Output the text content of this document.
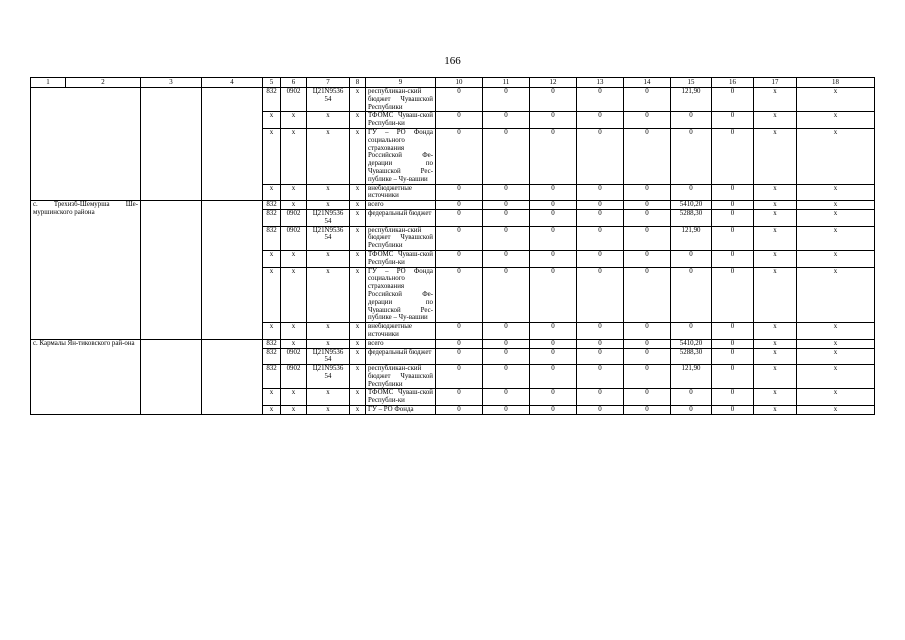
166
1	2	3	4	5	6	7	8	9	10	11	12	13	14	15	16	17	18
				832	0902	Ц21N9536 54	х	республикан-ский бюджет Чувашской Республики	0	0	0	0	0	121,90	0	х	х
				х	х	х	х	ТФОМС Чуваш-ской Республи-ки	0	0	0	0	0	0	0	х	х
				х	х	х	х	ГУ – РО Фонда социального страхования Российской Фе-дерации по Чувашской Рес-публике – Чу-вашии	0	0	0	0	0	0	0	х	х
				х	х	х	х	внебюджетные источники	0	0	0	0	0	0	0	х	х
с. Трехизб-Шемурша Ше-муршинского района				832	х	х	х	всего	0	0	0	0	0	5410,20	0	х	х
				832	0902	Ц21N9536 54	х	федеральный бюджет	0	0	0	0	0	5288,30	0	х	х
				832	0902	Ц21N9536 54	х	республикан-ский бюджет Чувашской Республики	0	0	0	0	0	121,90	0	х	х
				х	х	х	х	ТФОМС Чуваш-ской Республи-ки	0	0	0	0	0	0	0	х	х
				х	х	х	х	ГУ – РО Фонда социального страхования Российской Фе-дерации по Чувашской Рес-публике – Чу-вашии	0	0	0	0	0	0	0	х	х
				х	х	х	х	внебюджетные источники	0	0	0	0	0	0	0	х	х
с. Кармалы Ян-тиковского рай-она				832	х	х	х	всего	0	0	0	0	0	5410,20	0	х	х
				832	0902	Ц21N9536 54	х	федеральный бюджет	0	0	0	0	0	5288,30	0	х	х
				832	0902	Ц21N9536 54	х	республикан-ский бюджет Чувашской Республики	0	0	0	0	0	121,90	0	х	х
				х	х	х	х	ТФОМС Чуваш-ской Республи-ки	0	0	0	0	0	0	0	х	х
				х	х	х	х	ГУ – РО Фонда	0	0	0	0	0	0	0	х	х
